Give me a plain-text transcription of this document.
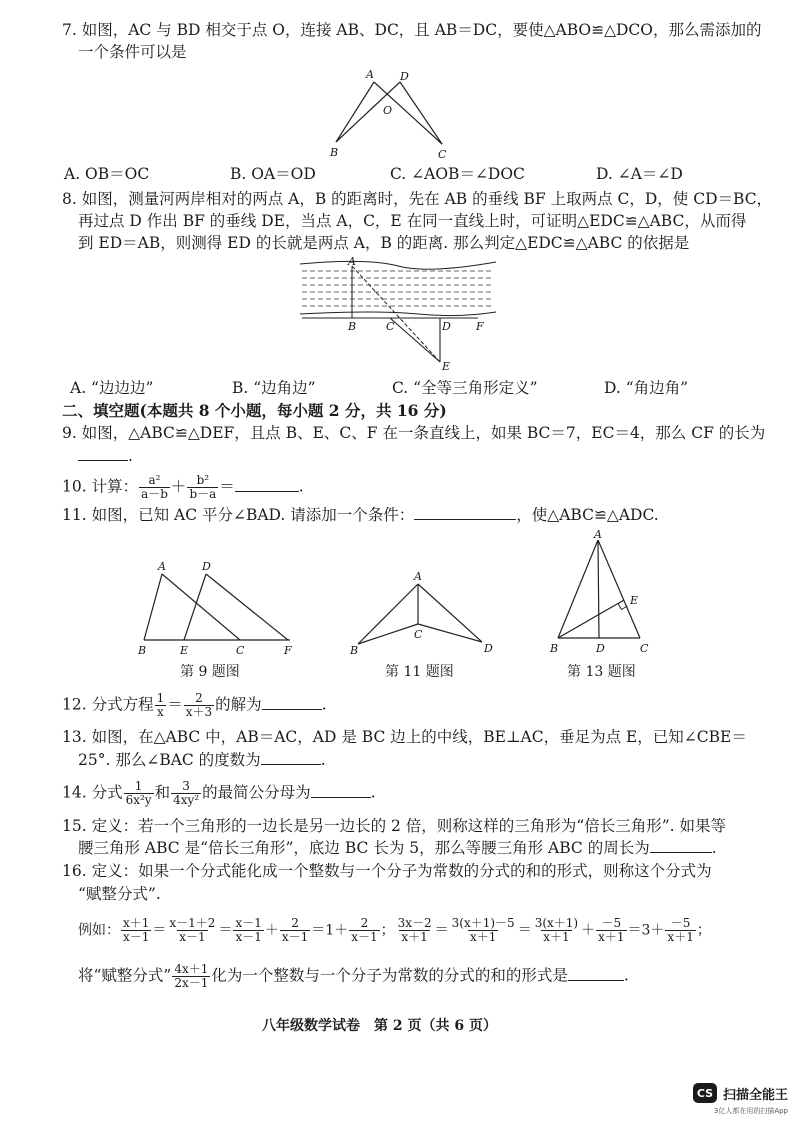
7. 如图，AC 与 BD 相交于点 O，连接 AB、DC，且 AB＝DC，要使△ABO≌△DCO，那么需添加的
一个条件可以是
A D
O
B	C
A. OB＝OC	B. OA＝OD	C. ∠AOB＝∠DOC	D. ∠A＝∠D
8. 如图，测量河两岸相对的两点 A，B 的距离时，先在 AB 的垂线 BF 上取两点 C，D，使 CD＝BC，
再过点 D 作出 BF 的垂线 DE，当点 A，C，E 在同一直线上时，可证明△EDC≌△ABC，从而得
到 ED＝AB，则测得 ED 的长就是两点 A，B 的距离. 那么判定△EDC≌△ABC 的依据是
A
B	C	D F
E
A. “边边边”	B. “边角边”	C. “全等三角形定义”	D. “角边角”
二、填空题(本题共 8 个小题，每小题 2 分，共 16 分)
9. 如图，△ABC≌△DEF，且点 B、E、C、F 在一条直线上，如果 BC＝7，EC＝4，那么 CF 的长为
.
10. 计算： $\frac{\text{a²}}{a-b} + \frac{\text{b²}}{b-a}$ ＝	.
11. 如图，已知 AC 平分∠BAD. 请添加一个条件：	，使△ABC≌△ADC.
A	D
B	E	C	F
第 9 题图
A
C
B	D
第 11 题图
A
E
B	D	C
第 13 题图
12. 分式方程 $\frac{1}{x} = \frac{2}{x+3}$ 的解为	.
13. 如图，在△ABC 中，AB＝AC，AD 是 BC 边上的中线，BE⊥AC，垂足为点 E，已知∠CBE＝
25°. 那么∠BAC 的度数为	.
14. 分式 $\frac{1}{\text{6x²y}}$ 和 $\frac{3}{\text{4xy²}}$ 的最简公分母为	.
15. 定义：若一个三角形的一边长是另一边长的 2 倍，则称这样的三角形为“倍长三角形”. 如果等
腰三角形 ABC 是“倍长三角形”，底边 BC 长为 5，那么等腰三角形 ABC 的周长为	.
16. 定义：如果一个分式能化成一个整数与一个分子为常数的分式的和的形式，则称这个分式为
“赋整分式”.
例如： $\frac{x+1}{x-1} = \frac{x-1+2}{x-1} = \frac{x-1}{x-1} + \frac{2}{x-1} =1+ \frac{2}{x-1}$ ； $\frac{3x-2}{x+1} = \frac{3(x+1)-5}{x+1} = \frac{3(x+1)}{x+1} + \frac{-5}{x+1} =3+ \frac{-5}{x+1}$ ；
将“赋整分式” $\frac{4x+1}{2x-1}$ 化为一个整数与一个分子为常数的分式的和的形式是	.
八年级数学试卷　第 2 页（共 6 页）
CS 扫描全能王
3亿人都在用的扫描App
